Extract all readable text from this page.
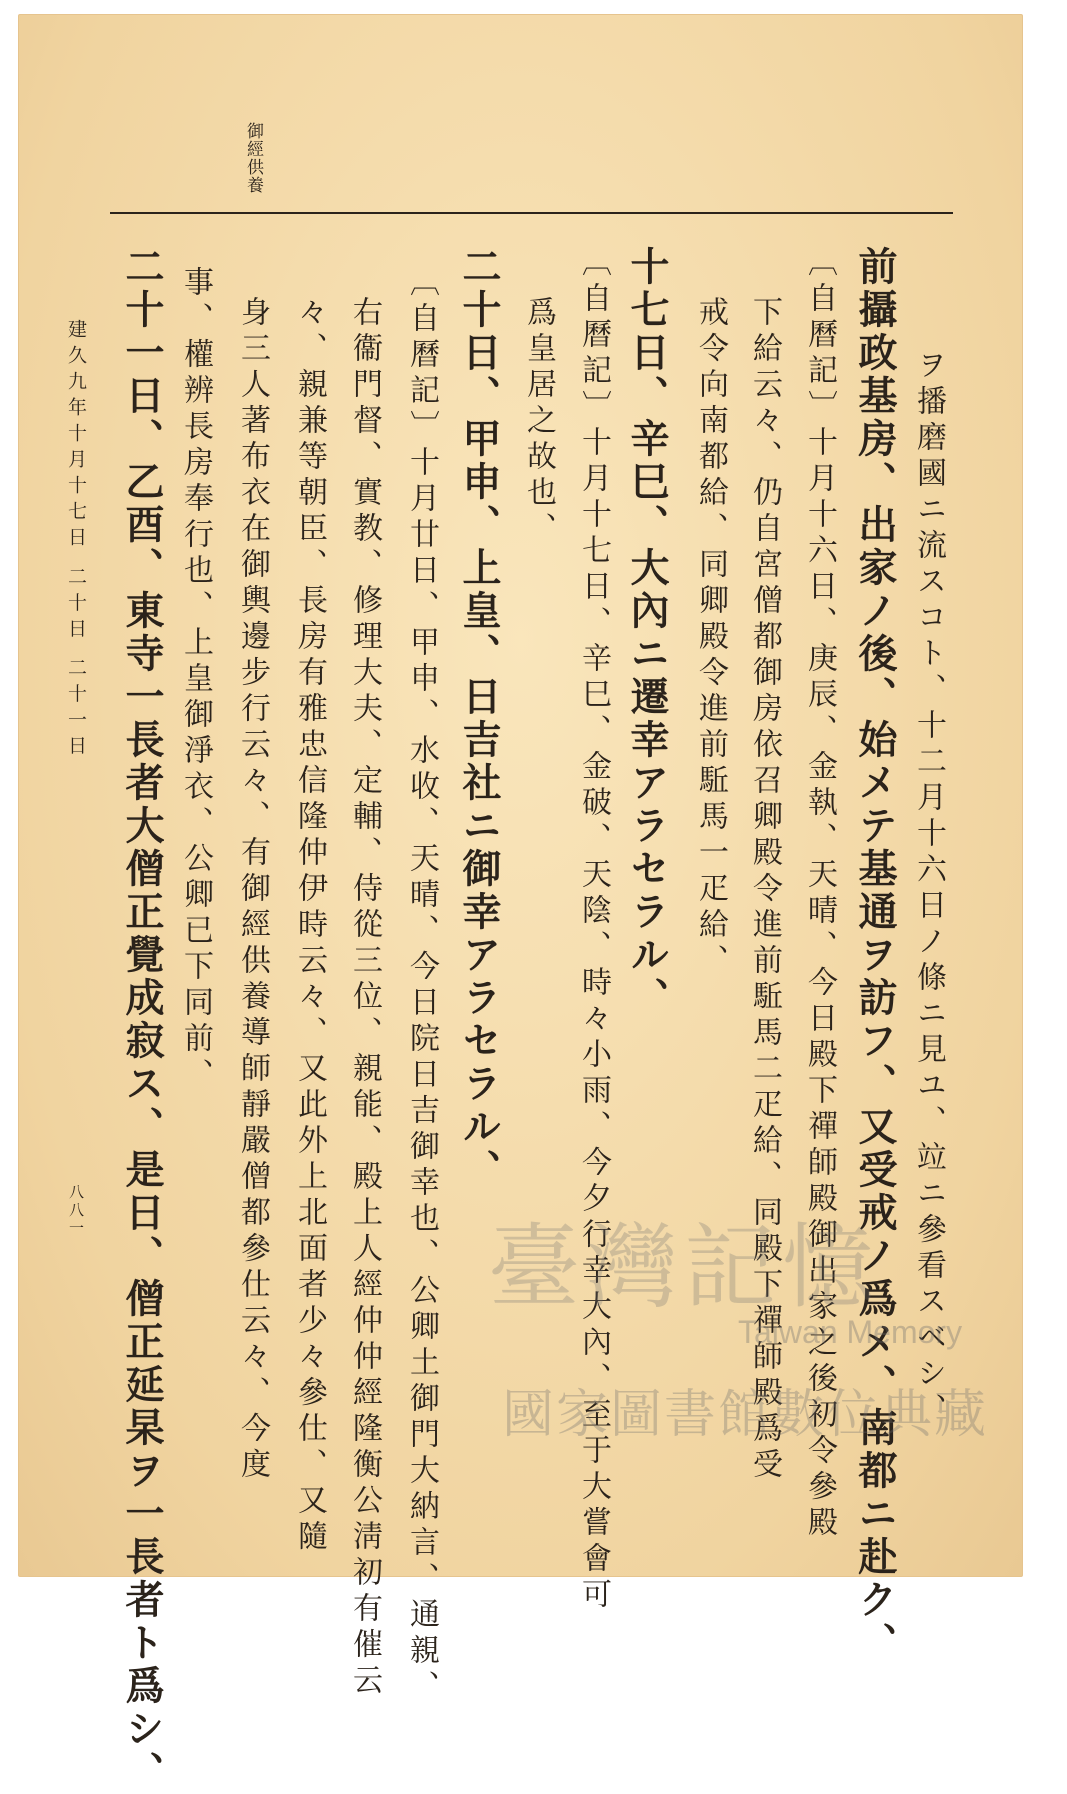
御經供養
ヲ播磨國ニ流スコト、十二月十六日ノ條ニ見ユ、竝ニ參看スベシ、
前攝政基房、出家ノ後、始メテ基通ヲ訪フ、又受戒ノ爲メ、南都ニ赴ク、
〔自曆記〕十月十六日、庚辰、金執、天晴、今日殿下禪師殿御出家之後初令參殿
下給云々、仍自宮僧都御房依召卿殿令進前駈馬二疋給、同殿下禪師殿爲受
戒令向南都給、同卿殿令進前駈馬一疋給、
十七日、辛巳、大內ニ遷幸アラセラル、
〔自曆記〕十月十七日、辛巳、金破、天陰、時々小雨、今夕行幸大內、至于大嘗會可
爲皇居之故也、
二十日、甲申、上皇、日吉社ニ御幸アラセラル、
〔自曆記〕十月廿日、甲申、水收、天晴、今日院日吉御幸也、公卿土御門大納言、通親、
右衞門督、實教、修理大夫、定輔、侍從三位、親能、殿上人經仲仲經隆衡公淸初有催云
々、親兼等朝臣、長房有雅忠信隆仲伊時云々、又此外上北面者少々參仕、又隨
身三人著布衣在御輿邊步行云々、有御經供養導師靜嚴僧都參仕云々、今度
事、權辨長房奉行也、上皇御淨衣、公卿已下同前、
二十一日、乙酉、東寺一長者大僧正覺成寂ス、是日、僧正延杲ヲ一長者ト爲シ、
建久九年十月十七日 二十日 二十一日
八八一
臺灣記憶
Taiwan Memory
國家圖書館數位典藏
